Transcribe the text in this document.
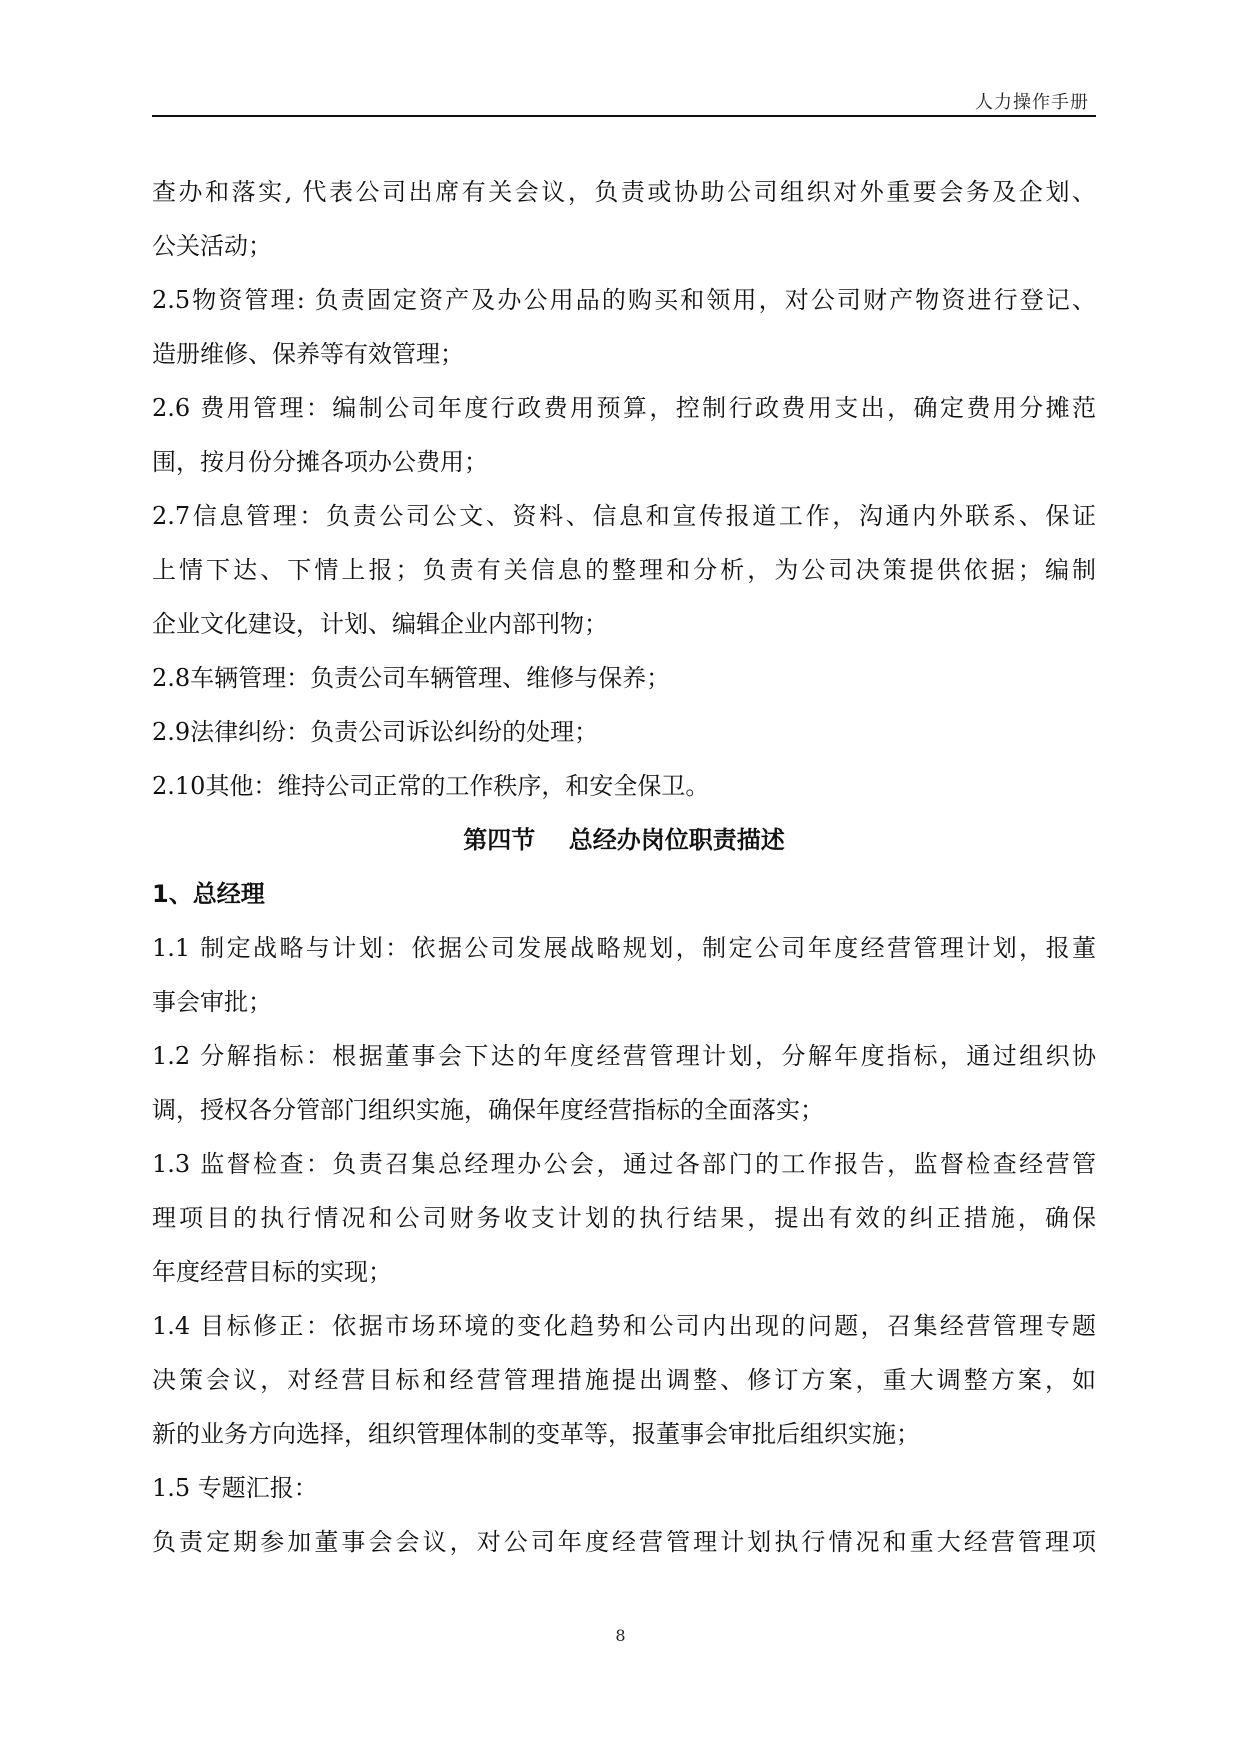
人力操作手册
查办和落实, 代表公司出席有关会议，负责或协助公司组织对外重要会务及企划、
公关活动；
2.5物资管理: 负责固定资产及办公用品的购买和领用，对公司财产物资进行登记、
造册维修、保养等有效管理；
2.6 费用管理：编制公司年度行政费用预算，控制行政费用支出，确定费用分摊范
围，按月份分摊各项办公费用；
2.7信息管理：负责公司公文、资料、信息和宣传报道工作，沟通内外联系、保证
上情下达、下情上报；负责有关信息的整理和分析，为公司决策提供依据；编制
企业文化建设，计划、编辑企业内部刊物；
2.8车辆管理：负责公司车辆管理、维修与保养；
2.9法律纠纷：负责公司诉讼纠纷的处理；
2.10其他：维持公司正常的工作秩序，和安全保卫。
第四节    总经办岗位职责描述
1、总经理
1.1 制定战略与计划：依据公司发展战略规划，制定公司年度经营管理计划，报董
事会审批；
1.2 分解指标：根据董事会下达的年度经营管理计划，分解年度指标，通过组织协
调，授权各分管部门组织实施，确保年度经营指标的全面落实；
1.3 监督检查：负责召集总经理办公会，通过各部门的工作报告，监督检查经营管
理项目的执行情况和公司财务收支计划的执行结果，提出有效的纠正措施，确保
年度经营目标的实现；
1.4 目标修正：依据市场环境的变化趋势和公司内出现的问题，召集经营管理专题
决策会议，对经营目标和经营管理措施提出调整、修订方案，重大调整方案，如
新的业务方向选择，组织管理体制的变革等，报董事会审批后组织实施；
1.5 专题汇报：
负责定期参加董事会会议，对公司年度经营管理计划执行情况和重大经营管理项
8
